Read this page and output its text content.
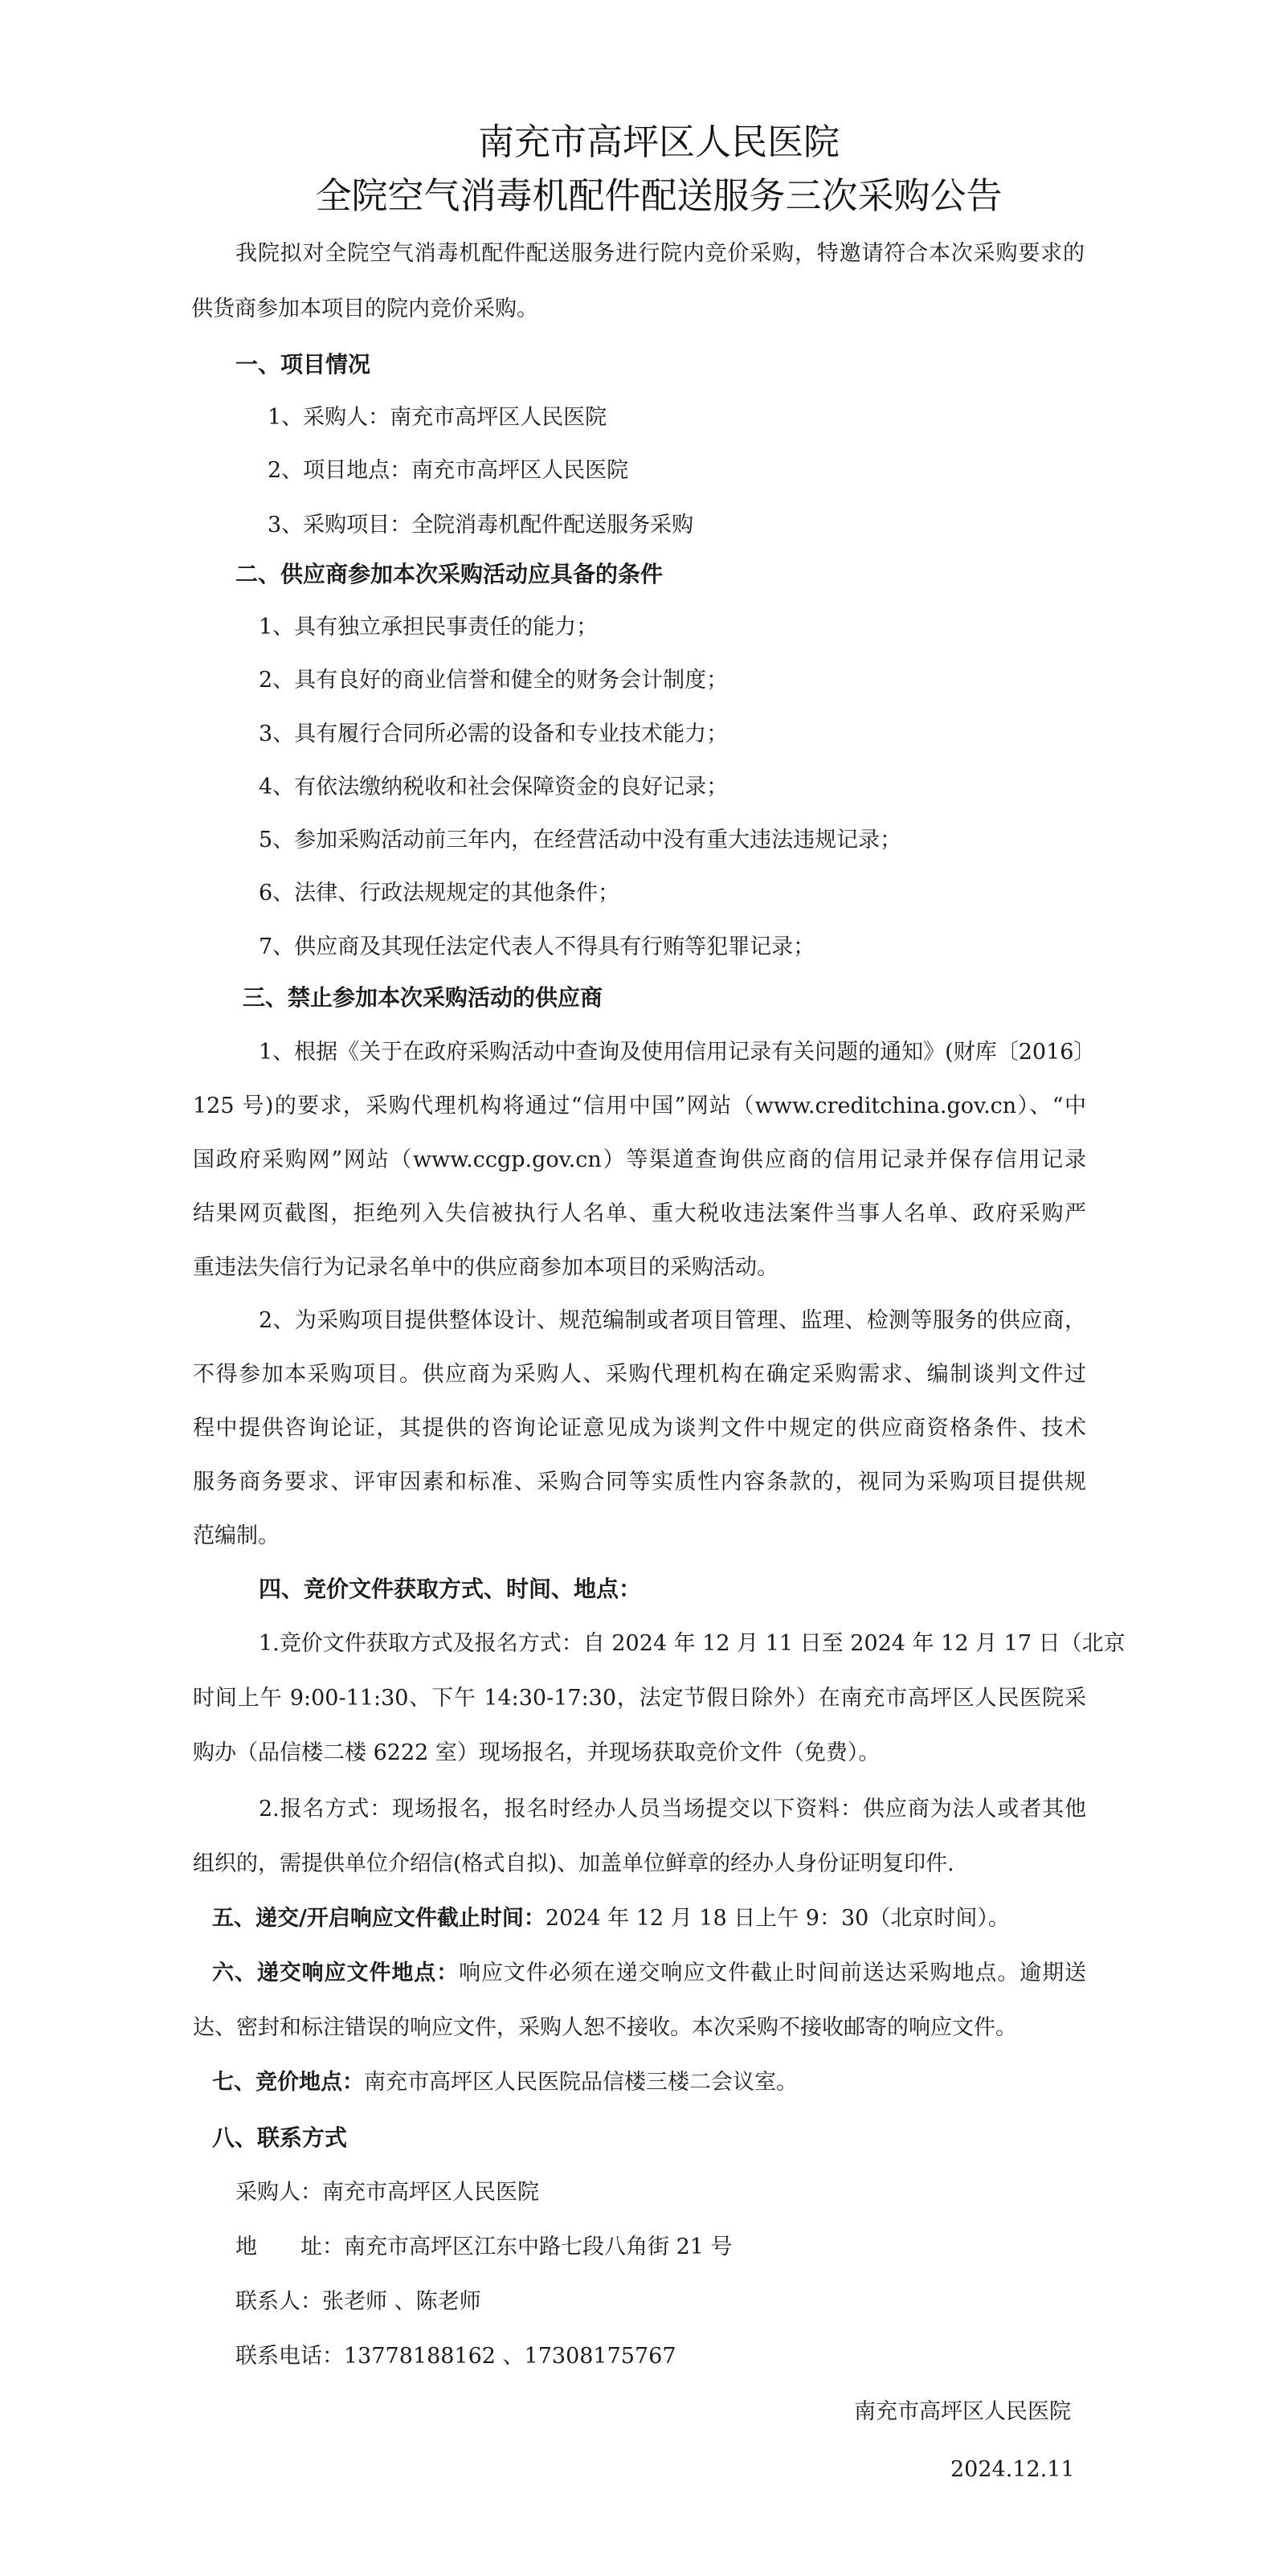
南充市高坪区人民医院
全院空气消毒机配件配送服务三次采购公告
我院拟对全院空气消毒机配件配送服务进行院内竞价采购，特邀请符合本次采购要求的
供货商参加本项目的院内竞价采购。
一、项目情况
1、采购人：南充市高坪区人民医院
2、项目地点：南充市高坪区人民医院
3、采购项目：全院消毒机配件配送服务采购
二、供应商参加本次采购活动应具备的条件
1、具有独立承担民事责任的能力；
2、具有良好的商业信誉和健全的财务会计制度；
3、具有履行合同所必需的设备和专业技术能力；
4、有依法缴纳税收和社会保障资金的良好记录；
5、参加采购活动前三年内，在经营活动中没有重大违法违规记录；
6、法律、行政法规规定的其他条件；
7、供应商及其现任法定代表人不得具有行贿等犯罪记录；
三、禁止参加本次采购活动的供应商
1、根据《关于在政府采购活动中查询及使用信用记录有关问题的通知》(财库〔2016〕
125 号)的要求，采购代理机构将通过“信用中国”网站（www.creditchina.gov.cn）、“中
国政府采购网”网站（www.ccgp.gov.cn）等渠道查询供应商的信用记录并保存信用记录
结果网页截图，拒绝列入失信被执行人名单、重大税收违法案件当事人名单、政府采购严
重违法失信行为记录名单中的供应商参加本项目的采购活动。
2、为采购项目提供整体设计、规范编制或者项目管理、监理、检测等服务的供应商，
不得参加本采购项目。供应商为采购人、采购代理机构在确定采购需求、编制谈判文件过
程中提供咨询论证，其提供的咨询论证意见成为谈判文件中规定的供应商资格条件、技术
服务商务要求、评审因素和标准、采购合同等实质性内容条款的，视同为采购项目提供规
范编制。
四、竞价文件获取方式、时间、地点：
1.竞价文件获取方式及报名方式：自 2024 年 12 月 11 日至 2024 年 12 月 17 日（北京
时间上午 9:00-11:30、下午 14:30-17:30，法定节假日除外）在南充市高坪区人民医院采
购办（品信楼二楼 6222 室）现场报名，并现场获取竞价文件（免费）。
2.报名方式：现场报名，报名时经办人员当场提交以下资料：供应商为法人或者其他
组织的，需提供单位介绍信(格式自拟)、加盖单位鲜章的经办人身份证明复印件.
五、递交/开启响应文件截止时间：2024 年 12 月 18 日上午 9：30（北京时间）。
六、递交响应文件地点：响应文件必须在递交响应文件截止时间前送达采购地点。逾期送
达、密封和标注错误的响应文件，采购人恕不接收。本次采购不接收邮寄的响应文件。
七、竞价地点：南充市高坪区人民医院品信楼三楼二会议室。
八、联系方式
采购人：南充市高坪区人民医院
地　　址：南充市高坪区江东中路七段八角街 21 号
联系人：张老师 、陈老师
联系电话：13778188162 、17308175767
南充市高坪区人民医院
2024.12.11
